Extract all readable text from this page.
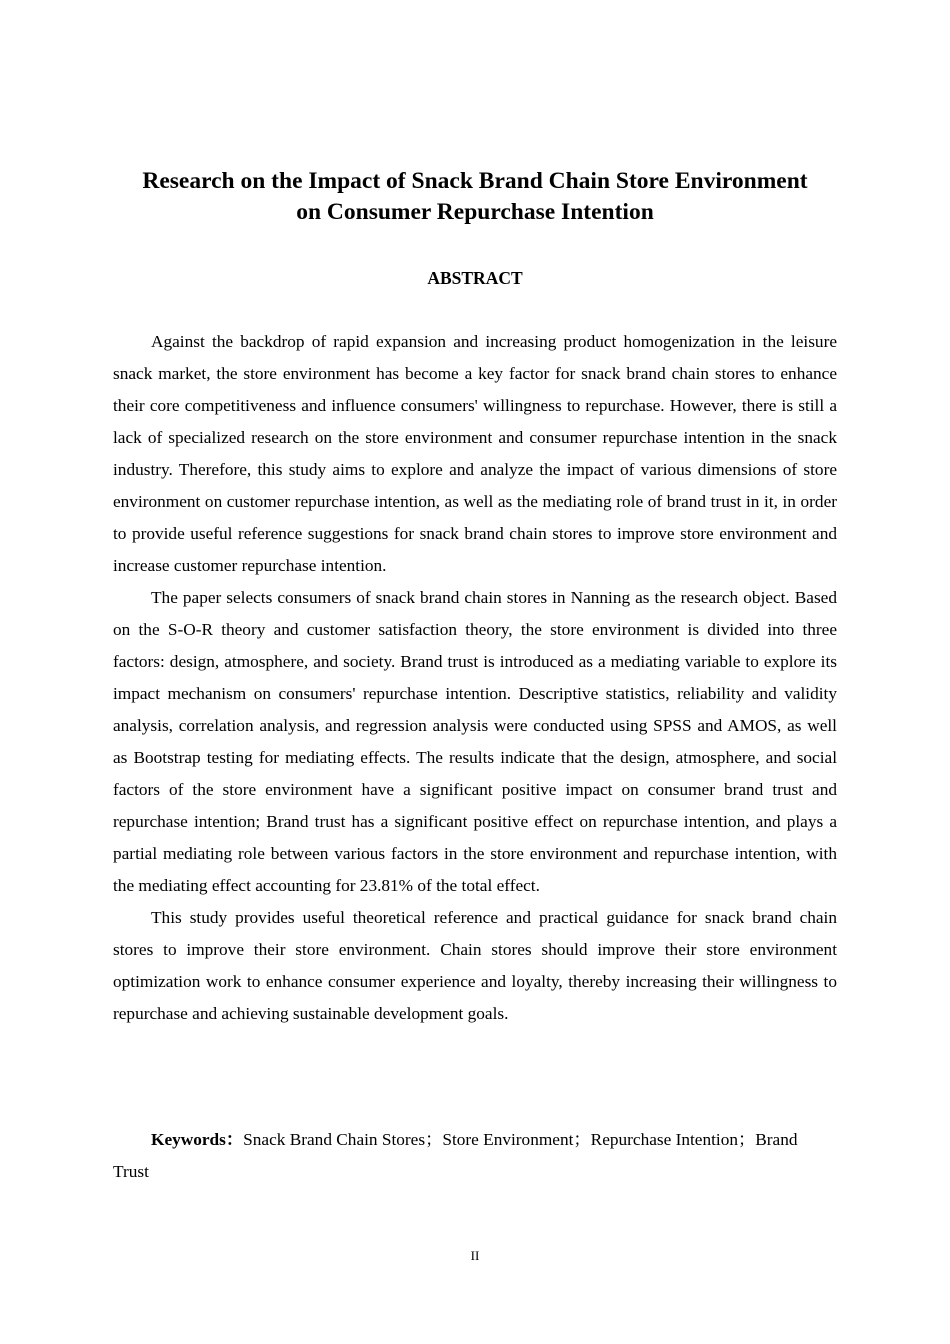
Research on the Impact of Snack Brand Chain Store Environment
on Consumer Repurchase Intention
ABSTRACT

Against the backdrop of rapid expansion and increasing product homogenization in the leisure snack market, the store environment has become a key factor for snack brand chain stores to enhance their core competitiveness and influence consumers' willingness to repurchase. However, there is still a lack of specialized research on the store environment and consumer repurchase intention in the snack industry. Therefore, this study aims to explore and analyze the impact of various dimensions of store environment on customer repurchase intention, as well as the mediating role of brand trust in it, in order to provide useful reference suggestions for snack brand chain stores to improve store environment and increase customer repurchase intention.

The paper selects consumers of snack brand chain stores in Nanning as the research object. Based on the S-O-R theory and customer satisfaction theory, the store environment is divided into three factors: design, atmosphere, and society. Brand trust is introduced as a mediating variable to explore its impact mechanism on consumers' repurchase intention. Descriptive statistics, reliability and validity analysis, correlation analysis, and regression analysis were conducted using SPSS and AMOS, as well as Bootstrap testing for mediating effects. The results indicate that the design, atmosphere, and social factors of the store environment have a significant positive impact on consumer brand trust and repurchase intention; Brand trust has a significant positive effect on repurchase intention, and plays a partial mediating role between various factors in the store environment and repurchase intention, with the mediating effect accounting for 23.81% of the total effect.

This study provides useful theoretical reference and practical guidance for snack brand chain stores to improve their store environment. Chain stores should improve their store environment optimization work to enhance consumer experience and loyalty, thereby increasing their willingness to repurchase and achieving sustainable development goals.

Keywords：Snack Brand Chain Stores；Store Environment；Repurchase Intention；Brand Trust

II
